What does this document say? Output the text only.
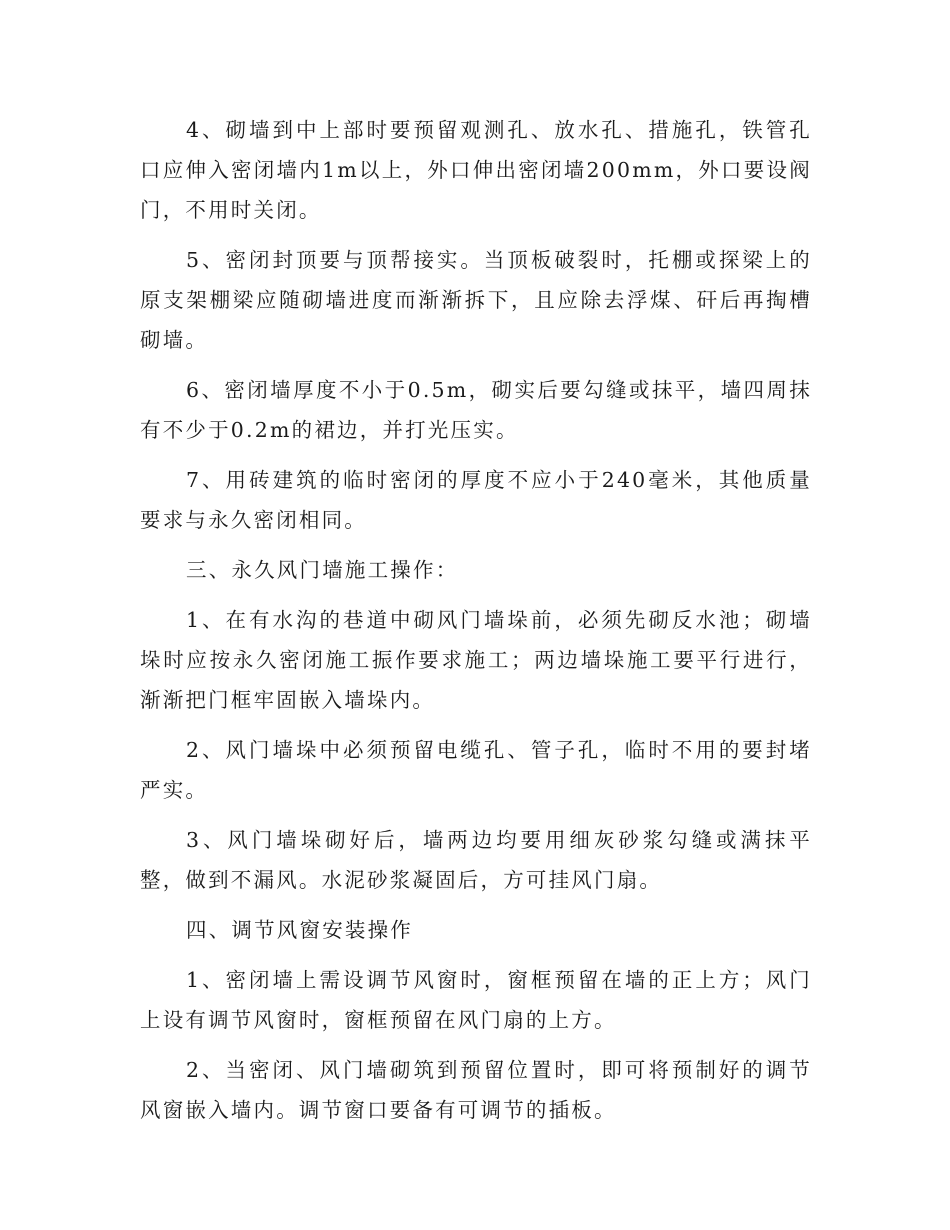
4、砌墙到中上部时要预留观测孔、放水孔、措施孔，铁管孔口应伸入密闭墙内1m以上，外口伸出密闭墙200mm，外口要设阀门，不用时关闭。

5、密闭封顶要与顶帮接实。当顶板破裂时，托棚或探梁上的原支架棚梁应随砌墙进度而渐渐拆下，且应除去浮煤、矸后再掏槽砌墙。

6、密闭墙厚度不小于0.5m，砌实后要勾缝或抹平，墙四周抹有不少于0.2m的裙边，并打光压实。

7、用砖建筑的临时密闭的厚度不应小于240毫米，其他质量要求与永久密闭相同。

三、永久风门墙施工操作：

1、在有水沟的巷道中砌风门墙垛前，必须先砌反水池；砌墙垛时应按永久密闭施工振作要求施工；两边墙垛施工要平行进行，渐渐把门框牢固嵌入墙垛内。

2、风门墙垛中必须预留电缆孔、管子孔，临时不用的要封堵严实。

3、风门墙垛砌好后，墙两边均要用细灰砂浆勾缝或满抹平整，做到不漏风。水泥砂浆凝固后，方可挂风门扇。

四、调节风窗安装操作

1、密闭墙上需设调节风窗时，窗框预留在墙的正上方；风门上设有调节风窗时，窗框预留在风门扇的上方。

2、当密闭、风门墙砌筑到预留位置时，即可将预制好的调节风窗嵌入墙内。调节窗口要备有可调节的插板。
